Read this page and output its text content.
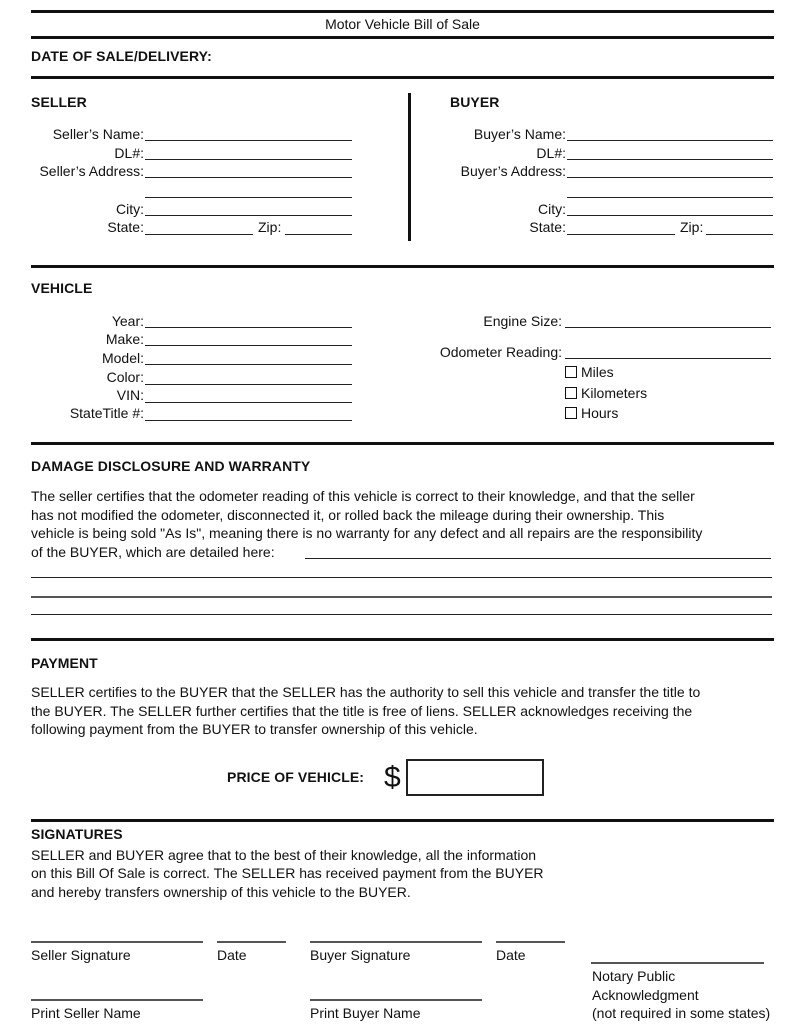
Motor Vehicle Bill of Sale
DATE OF SALE/DELIVERY:
SELLER
Seller’s Name:
DL#:
Seller’s Address:
City:
State:	Zip:
BUYER
Buyer’s Name:
DL#:
Buyer’s Address:
City:
State:	Zip:
VEHICLE
Year:
Make:
Model:
Color:
VIN:
StateTitle #:
Engine Size:
Odometer Reading:
Miles
Kilometers
Hours
DAMAGE DISCLOSURE AND WARRANTY
The seller certifies that the odometer reading of this vehicle is correct to their knowledge, and that the seller
has not modified the odometer, disconnected it, or rolled back the mileage during their ownership. This
vehicle is being sold "As Is", meaning there is no warranty for any defect and all repairs are the responsibility
of the BUYER, which are detailed here:
PAYMENT
SELLER certifies to the BUYER that the SELLER has the authority to sell this vehicle and transfer the title to
the BUYER. The SELLER further certifies that the title is free of liens. SELLER acknowledges receiving the
following payment from the BUYER to transfer ownership of this vehicle.
PRICE OF VEHICLE: $
SIGNATURES
SELLER and BUYER agree that to the best of their knowledge, all the information
on this Bill Of Sale is correct. The SELLER has received payment from the BUYER
and hereby transfers ownership of this vehicle to the BUYER.
Seller Signature	Date	Buyer Signature	Date
Notary Public
Acknowledgment
(not required in some states)
Print Seller Name	Print Buyer Name
